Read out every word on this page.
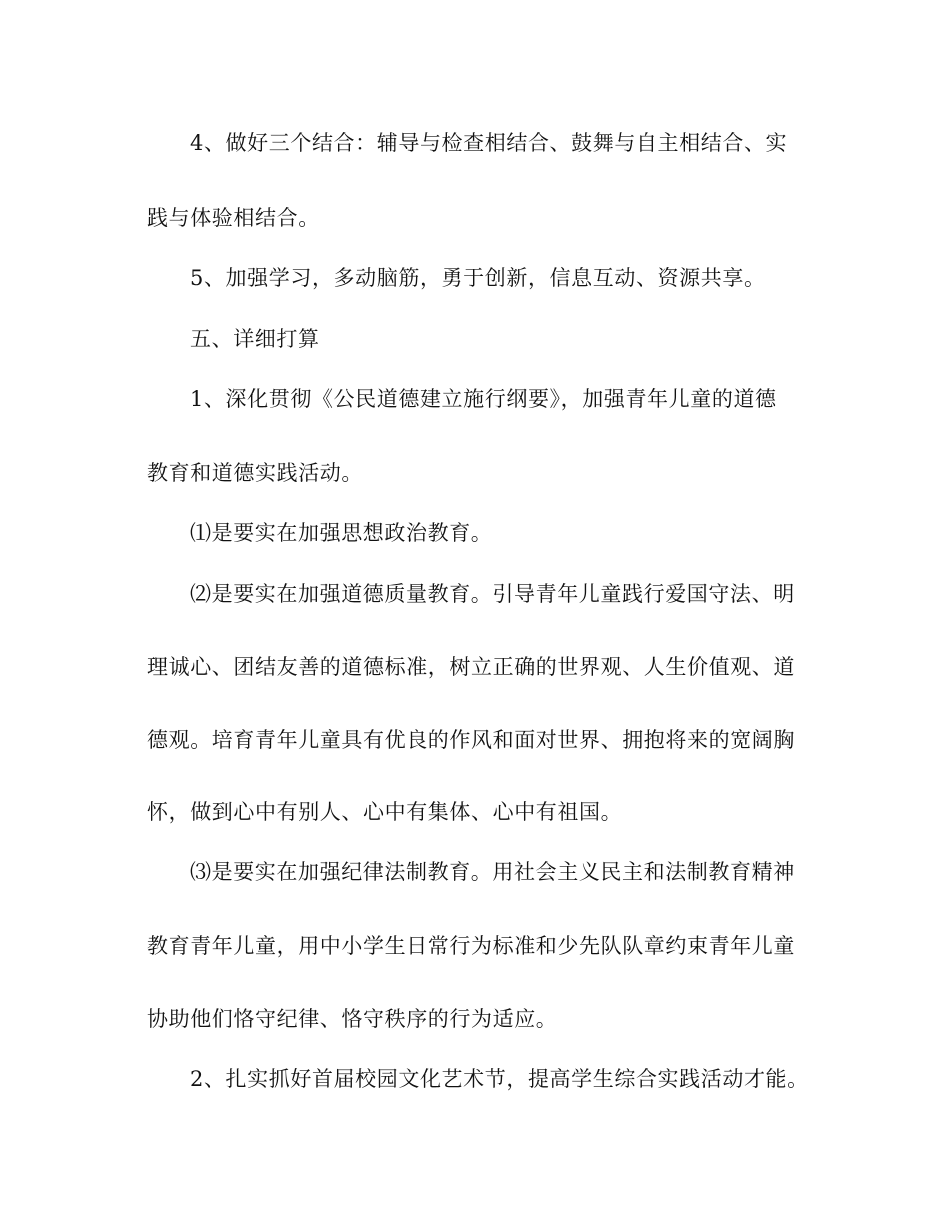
4、做好三个结合：辅导与检查相结合、鼓舞与自主相结合、实
践与体验相结合。
5、加强学习，多动脑筋，勇于创新，信息互动、资源共享。
五、详细打算
1、深化贯彻《公民道德建立施行纲要》，加强青年儿童的道德
教育和道德实践活动。
⑴是要实在加强思想政治教育。
⑵是要实在加强道德质量教育。引导青年儿童践行爱国守法、明
理诚心、团结友善的道德标准，树立正确的世界观、人生价值观、道
德观。培育青年儿童具有优良的作风和面对世界、拥抱将来的宽阔胸
怀，做到心中有别人、心中有集体、心中有祖国。
⑶是要实在加强纪律法制教育。用社会主义民主和法制教育精神
教育青年儿童，用中小学生日常行为标准和少先队队章约束青年儿童
协助他们恪守纪律、恪守秩序的行为适应。
2、扎实抓好首届校园文化艺术节，提高学生综合实践活动才能。
